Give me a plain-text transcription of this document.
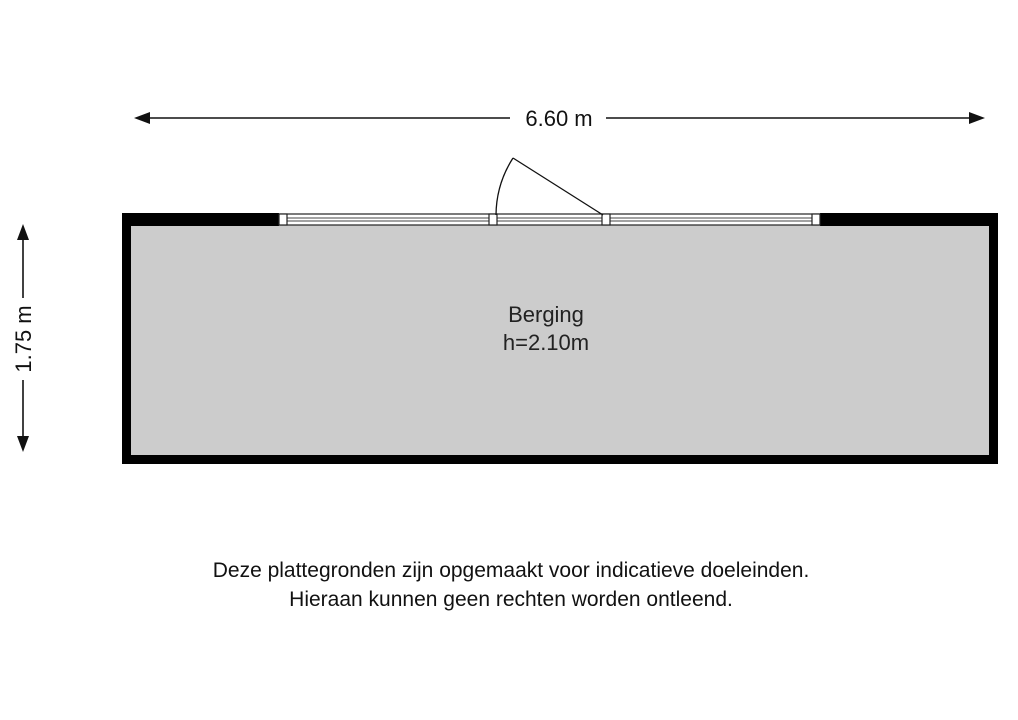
6.60 m
1.75 m	Berging
h=2.10m
Deze plattegronden zijn opgemaakt voor indicatieve doeleinden.
Hieraan kunnen geen rechten worden ontleend.
